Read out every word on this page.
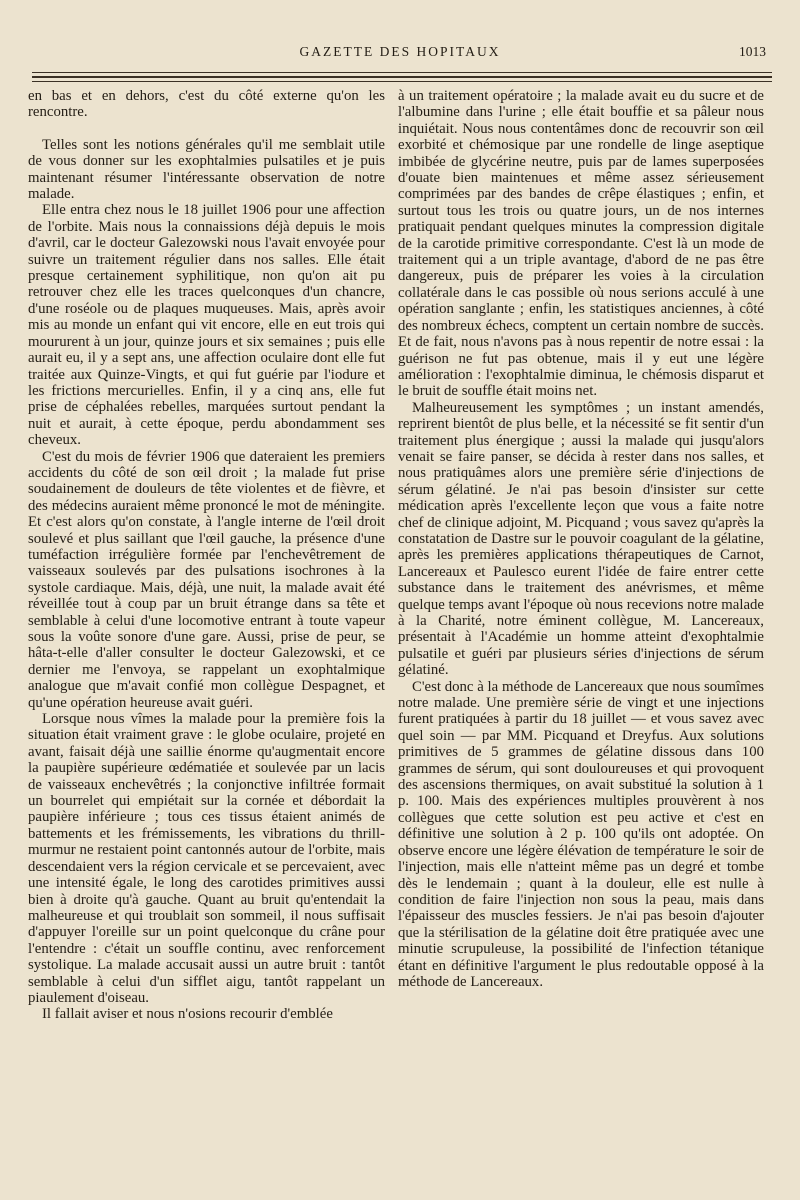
GAZETTE DES HOPITAUX	1013

en bas et en dehors, c'est du côté externe qu'on les rencontre.

Telles sont les notions générales qu'il me semblait utile de vous donner sur les exophtalmies pulsatiles et je puis maintenant résumer l'intéressante observation de notre malade.

Elle entra chez nous le 18 juillet 1906 pour une affection de l'orbite. Mais nous la connaissions déjà depuis le mois d'avril, car le docteur Galezowski nous l'avait envoyée pour suivre un traitement régulier dans nos salles. Elle était presque certainement syphilitique, non qu'on ait pu retrouver chez elle les traces quelconques d'un chancre, d'une roséole ou de plaques muqueuses. Mais, après avoir mis au monde un enfant qui vit encore, elle en eut trois qui moururent à un jour, quinze jours et six semaines ; puis elle aurait eu, il y a sept ans, une affection oculaire dont elle fut traitée aux Quinze-Vingts, et qui fut guérie par l'iodure et les frictions mercurielles. Enfin, il y a cinq ans, elle fut prise de céphalées rebelles, marquées surtout pendant la nuit et aurait, à cette époque, perdu abondamment ses cheveux.

C'est du mois de février 1906 que dateraient les premiers accidents du côté de son œil droit ; la malade fut prise soudainement de douleurs de tête violentes et de fièvre, et des médecins auraient même prononcé le mot de méningite. Et c'est alors qu'on constate, à l'angle interne de l'œil droit soulevé et plus saillant que l'œil gauche, la présence d'une tuméfaction irrégulière formée par l'enchevêtrement de vaisseaux soulevés par des pulsations isochrones à la systole cardiaque. Mais, déjà, une nuit, la malade avait été réveillée tout à coup par un bruit étrange dans sa tête et semblable à celui d'une locomotive entrant à toute vapeur sous la voûte sonore d'une gare. Aussi, prise de peur, se hâta-t-elle d'aller consulter le docteur Galezowski, et ce dernier me l'envoya, se rappelant un exophtalmique analogue que m'avait confié mon collègue Despagnet, et qu'une opération heureuse avait guéri.

Lorsque nous vîmes la malade pour la première fois la situation était vraiment grave : le globe oculaire, projeté en avant, faisait déjà une saillie énorme qu'augmentait encore la paupière supérieure œdématiée et soulevée par un lacis de vaisseaux enchevêtrés ; la conjonctive infiltrée formait un bourrelet qui empiétait sur la cornée et débordait la paupière inférieure ; tous ces tissus étaient animés de battements et les frémissements, les vibrations du thrill-murmur ne restaient point cantonnés autour de l'orbite, mais descendaient vers la région cervicale et se percevaient, avec une intensité égale, le long des carotides primitives aussi bien à droite qu'à gauche. Quant au bruit qu'entendait la malheureuse et qui troublait son sommeil, il nous suffisait d'appuyer l'oreille sur un point quelconque du crâne pour l'entendre : c'était un souffle continu, avec renforcement systolique. La malade accusait aussi un autre bruit : tantôt semblable à celui d'un sifflet aigu, tantôt rappelant un piaulement d'oiseau.

Il fallait aviser et nous n'osions recourir d'emblée

à un traitement opératoire ; la malade avait eu du sucre et de l'albumine dans l'urine ; elle était bouffie et sa pâleur nous inquiétait. Nous nous contentâmes donc de recouvrir son œil exorbité et chémosique par une rondelle de linge aseptique imbibée de glycérine neutre, puis par de lames superposées d'ouate bien maintenues et même assez sérieusement comprimées par des bandes de crêpe élastiques ; enfin, et surtout tous les trois ou quatre jours, un de nos internes pratiquait pendant quelques minutes la compression digitale de la carotide primitive correspondante. C'est là un mode de traitement qui a un triple avantage, d'abord de ne pas être dangereux, puis de préparer les voies à la circulation collatérale dans le cas possible où nous serions acculé à une opération sanglante ; enfin, les statistiques anciennes, à côté des nombreux échecs, comptent un certain nombre de succès. Et de fait, nous n'avons pas à nous repentir de notre essai : la guérison ne fut pas obtenue, mais il y eut une légère amélioration : l'exophtalmie diminua, le chémosis disparut et le bruit de souffle était moins net.

Malheureusement les symptômes ; un instant amendés, reprirent bientôt de plus belle, et la nécessité se fit sentir d'un traitement plus énergique ; aussi la malade qui jusqu'alors venait se faire panser, se décida à rester dans nos salles, et nous pratiquâmes alors une première série d'injections de sérum gélatiné. Je n'ai pas besoin d'insister sur cette médication après l'excellente leçon que vous a faite notre chef de clinique adjoint, M. Picquand ; vous savez qu'après la constatation de Dastre sur le pouvoir coagulant de la gélatine, après les premières applications thérapeutiques de Carnot, Lancereaux et Paulesco eurent l'idée de faire entrer cette substance dans le traitement des anévrismes, et même quelque temps avant l'époque où nous recevions notre malade à la Charité, notre éminent collègue, M. Lancereaux, présentait à l'Académie un homme atteint d'exophtalmie pulsatile et guéri par plusieurs séries d'injections de sérum gélatiné.

C'est donc à la méthode de Lancereaux que nous soumîmes notre malade. Une première série de vingt et une injections furent pratiquées à partir du 18 juillet — et vous savez avec quel soin — par MM. Picquand et Dreyfus. Aux solutions primitives de 5 grammes de gélatine dissous dans 100 grammes de sérum, qui sont douloureuses et qui provoquent des ascensions thermiques, on avait substitué la solution à 1 p. 100. Mais des expériences multiples prouvèrent à nos collègues que cette solution est peu active et c'est en définitive une solution à 2 p. 100 qu'ils ont adoptée. On observe encore une légère élévation de température le soir de l'injection, mais elle n'atteint même pas un degré et tombe dès le lendemain ; quant à la douleur, elle est nulle à condition de faire l'injection non sous la peau, mais dans l'épaisseur des muscles fessiers. Je n'ai pas besoin d'ajouter que la stérilisation de la gélatine doit être pratiquée avec une minutie scrupuleuse, la possibilité de l'infection tétanique étant en définitive l'argument le plus redoutable opposé à la méthode de Lancereaux.
